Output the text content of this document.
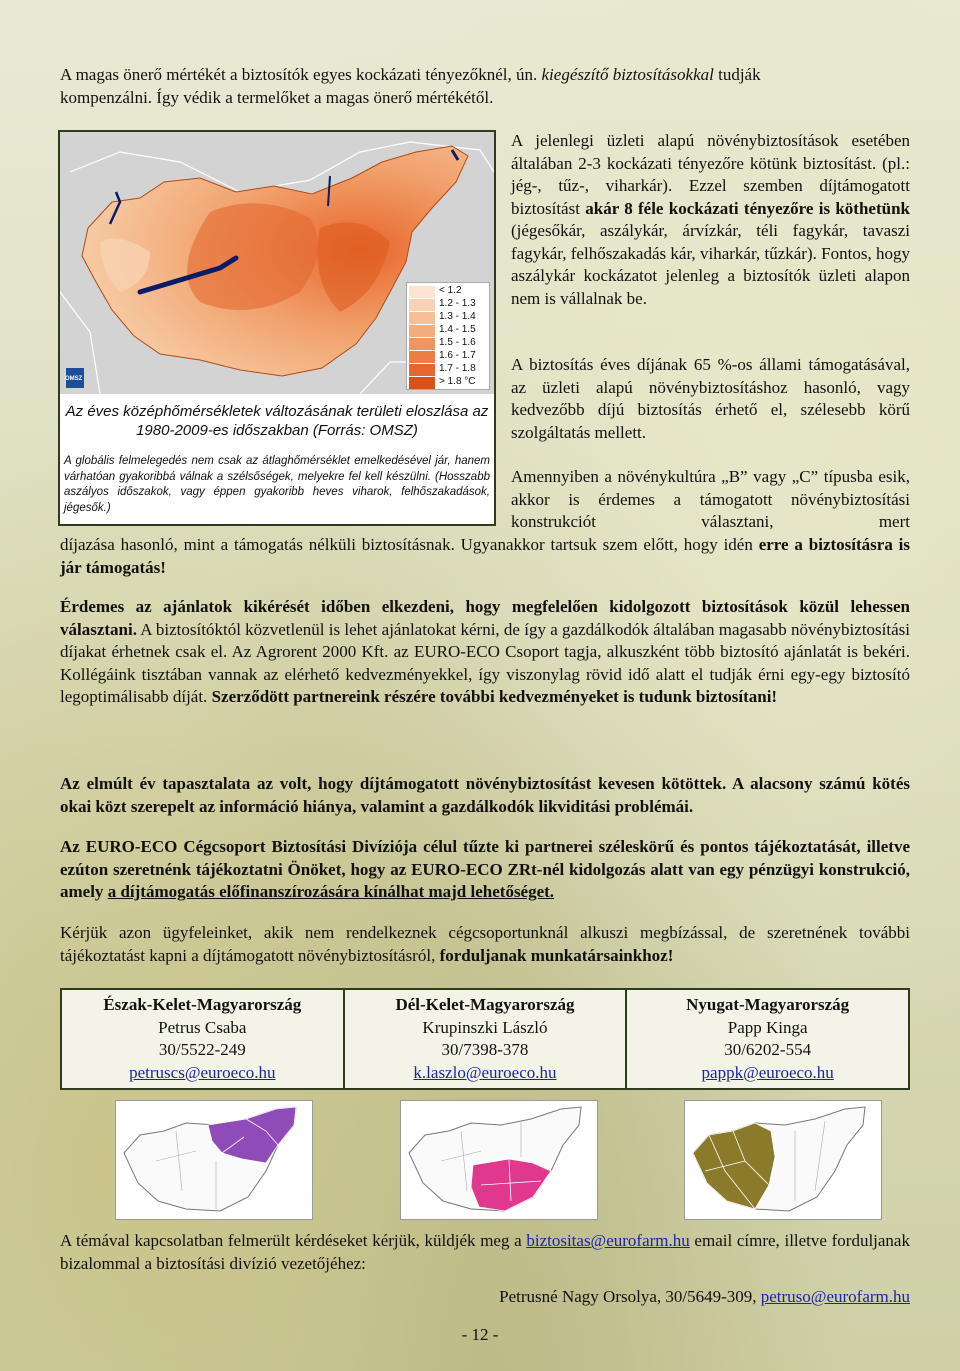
A magas önerő mértékét a biztosítók egyes kockázati tényezőknél, ún. kiegészítő biztosításokkal tudják
kompenzálni. Így védik a termelőket a magas önerő mértékétől.

OMSZ
< 1.2
1.2 - 1.3
1.3 - 1.4
1.4 - 1.5
1.5 - 1.6
1.6 - 1.7
1.7 - 1.8
> 1.8 °C
Az éves középhőmérsékletek változásának területi eloszlása az 1980-2009-es időszakban (Forrás: OMSZ)
A globális felmelegedés nem csak az átlaghőmérséklet emelkedésével jár, hanem várhatóan gyakoribbá válnak a szélsőségek, melyekre fel kell készülni. (Hosszabb aszályos időszakok, vagy éppen gyakoribb heves viharok, felhőszakadások, jégesők.)

A jelenlegi üzleti alapú növénybiztosítások esetében általában 2-3 kockázati tényezőre kötünk biztosítást. (pl.: jég-, tűz-, viharkár). Ezzel szemben díjtámogatott biztosítást akár 8 féle kockázati tényezőre is köthetünk (jégesőkár, aszálykár, árvízkár, téli fagykár, tavaszi fagykár, felhőszakadás kár, viharkár, tűzkár). Fontos, hogy aszálykár kockázatot jelenleg a biztosítók üzleti alapon nem is vállalnak be.

A biztosítás éves díjának 65 %-os állami támogatásával, az üzleti alapú növénybiztosításhoz hasonló, vagy kedvezőbb díjú biztosítás érhető el, szélesebb körű szolgáltatás mellett.

Amennyiben a növénykultúra „B” vagy „C” típusba esik, akkor is érdemes a támogatott növénybiztosítási konstrukciót választani, mert

díjazása hasonló, mint a támogatás nélküli biztosításnak. Ugyanakkor tartsuk szem előtt, hogy idén erre a biztosításra is jár támogatás!

Érdemes az ajánlatok kikérését időben elkezdeni, hogy megfelelően kidolgozott biztosítások közül lehessen választani. A biztosítóktól közvetlenül is lehet ajánlatokat kérni, de így a gazdálkodók általában magasabb növénybiztosítási díjakat érhetnek csak el. Az Agrorent 2000 Kft. az EURO-ECO Csoport tagja, alkuszként több biztosító ajánlatát is bekéri. Kollégáink tisztában vannak az elérhető kedvezményekkel, így viszonylag rövid idő alatt el tudják érni egy-egy biztosító legoptimálisabb díját. Szerződött partnereink részére további kedvezményeket is tudunk biztosítani!

Az elmúlt év tapasztalata az volt, hogy díjtámogatott növénybiztosítást kevesen kötöttek. A alacsony számú kötés okai közt szerepelt az információ hiánya, valamint a gazdálkodók likviditási problémái.

Az EURO-ECO Cégcsoport Biztosítási Divíziója célul tűzte ki partnerei széleskörű és pontos tájékoztatását, illetve ezúton szeretnénk tájékoztatni Önöket, hogy az EURO-ECO ZRt-nél kidolgozás alatt van egy pénzügyi konstrukció, amely a díjtámogatás előfinanszírozására kínálhat majd lehetőséget.

Kérjük azon ügyfeleinket, akik nem rendelkeznek cégcsoportunknál alkuszi megbízással, de szeretnének további tájékoztatást kapni a díjtámogatott növénybiztosításról, forduljanak munkatársainkhoz!

Észak-Kelet-Magyarország
Petrus Csaba
30/5522-249
petruscs@euroeco.hu	Dél-Kelet-Magyarország
Krupinszki László
30/7398-378
k.laszlo@euroeco.hu	Nyugat-Magyarország
Papp Kinga
30/6202-554
pappk@euroeco.hu

A témával kapcsolatban felmerült kérdéseket kérjük, küldjék meg a biztositas@eurofarm.hu email címre, illetve forduljanak bizalommal a biztosítási divízió vezetőjéhez:

Petrusné Nagy Orsolya, 30/5649-309, petruso@eurofarm.hu

- 12 -
